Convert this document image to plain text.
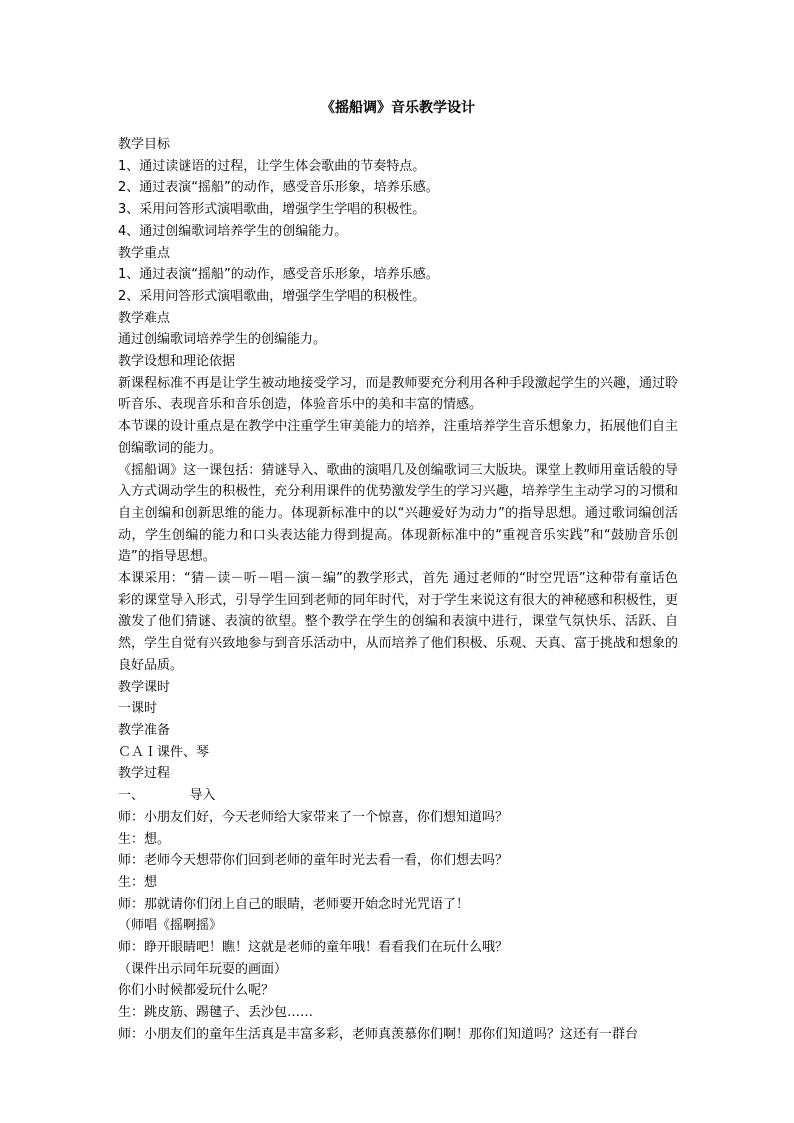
《摇船调》音乐教学设计
教学目标
1、通过读谜语的过程，让学生体会歌曲的节奏特点。
2、通过表演“摇船”的动作，感受音乐形象，培养乐感。
3、采用问答形式演唱歌曲，增强学生学唱的积极性。
4、通过创编歌词培养学生的创编能力。
教学重点
1、通过表演“摇船”的动作，感受音乐形象，培养乐感。
2、采用问答形式演唱歌曲，增强学生学唱的积极性。
教学难点
通过创编歌词培养学生的创编能力。
教学设想和理论依据
新课程标准不再是让学生被动地接受学习，而是教师要充分利用各种手段激起学生的兴趣，通过聆听音乐、表现音乐和音乐创造，体验音乐中的美和丰富的情感。
本节课的设计重点是在教学中注重学生审美能力的培养，注重培养学生音乐想象力，拓展他们自主创编歌词的能力。
《摇船调》这一课包括：猜谜导入、歌曲的演唱几及创编歌词三大版块。课堂上教师用童话般的导入方式调动学生的积极性，充分利用课件的优势激发学生的学习兴趣，培养学生主动学习的习惯和自主创编和创新思维的能力。体现新标准中的以“兴趣爱好为动力”的指导思想。通过歌词编创活动，学生创编的能力和口头表达能力得到提高。体现新标准中的“重视音乐实践”和“鼓励音乐创造”的指导思想。
本课采用：“猜－读－听－唱－演－编”的教学形式，首先 通过老师的“时空咒语”这种带有童话色彩的课堂导入形式，引导学生回到老师的同年时代，对于学生来说这有很大的神秘感和积极性，更激发了他们猜谜、表演的欲望。整个教学在学生的创编和表演中进行，课堂气氛快乐、活跃、自然，学生自觉有兴致地参与到音乐活动中，从而培养了他们积极、乐观、天真、富于挑战和想象的良好品质。
教学课时
一课时
教学准备
ＣＡＩ课件、琴
教学过程
一、　　　　导入
师：小朋友们好，今天老师给大家带来了一个惊喜，你们想知道吗？
生：想。
师：老师今天想带你们回到老师的童年时光去看一看，你们想去吗？
生：想
师：那就请你们闭上自己的眼睛，老师要开始念时光咒语了！
（师唱《摇啊摇》
师：睁开眼睛吧！瞧！这就是老师的童年哦！看看我们在玩什么哦？
（课件出示同年玩耍的画面）
你们小时候都爱玩什么呢？
生：跳皮筋、踢毽子、丢沙包……
师：小朋友们的童年生活真是丰富多彩，老师真羡慕你们啊！那你们知道吗？这还有一群台
